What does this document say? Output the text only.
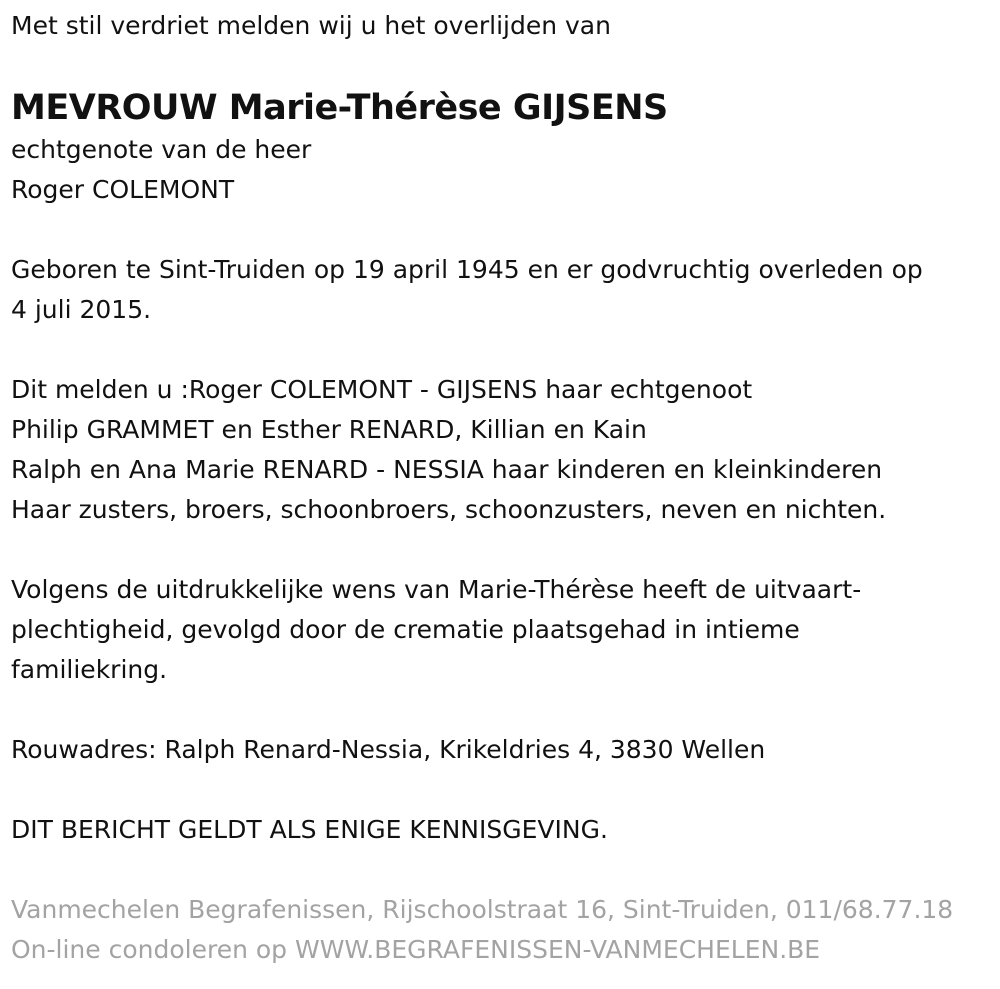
Met stil verdriet melden wij u het overlijden van
MEVROUW Marie-Thérèse GIJSENS
echtgenote van de heer
Roger COLEMONT
Geboren te Sint-Truiden op 19 april 1945 en er godvruchtig overleden op
4 juli 2015.
Dit melden u :Roger COLEMONT - GIJSENS haar echtgenoot
Philip GRAMMET en Esther RENARD, Killian en Kain
Ralph en Ana Marie RENARD - NESSIA haar kinderen en kleinkinderen
Haar zusters, broers, schoonbroers, schoonzusters, neven en nichten.
Volgens de uitdrukkelijke wens van Marie-Thérèse heeft de uitvaart-
plechtigheid, gevolgd door de crematie plaatsgehad in intieme
familiekring.
Rouwadres: Ralph Renard-Nessia, Krikeldries 4, 3830 Wellen
DIT BERICHT GELDT ALS ENIGE KENNISGEVING.
Vanmechelen Begrafenissen, Rijschoolstraat 16, Sint-Truiden, 011/68.77.18
On-line condoleren op WWW.BEGRAFENISSEN-VANMECHELEN.BE
